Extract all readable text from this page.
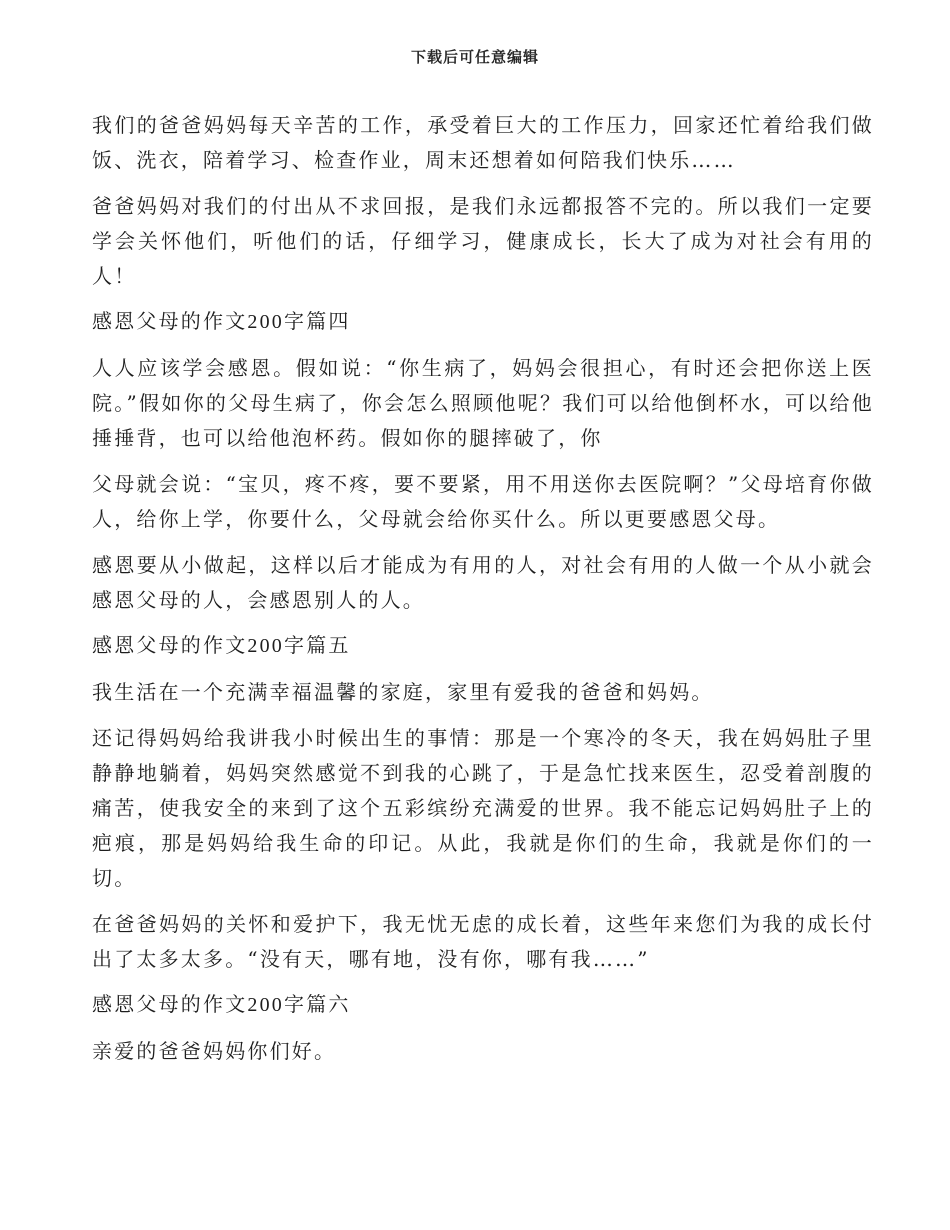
下载后可任意编辑

我们的爸爸妈妈每天辛苦的工作，承受着巨大的工作压力，回家还忙着给我们做饭、洗衣，陪着学习、检查作业，周末还想着如何陪我们快乐……

爸爸妈妈对我们的付出从不求回报，是我们永远都报答不完的。所以我们一定要学会关怀他们，听他们的话，仔细学习，健康成长，长大了成为对社会有用的人！

感恩父母的作文200字篇四

人人应该学会感恩。假如说：“你生病了，妈妈会很担心，有时还会把你送上医院。”假如你的父母生病了，你会怎么照顾他呢？我们可以给他倒杯水，可以给他捶捶背，也可以给他泡杯药。假如你的腿摔破了，你

父母就会说：“宝贝，疼不疼，要不要紧，用不用送你去医院啊？”父母培育你做人，给你上学，你要什么，父母就会给你买什么。所以更要感恩父母。

感恩要从小做起，这样以后才能成为有用的人，对社会有用的人做一个从小就会感恩父母的人，会感恩别人的人。

感恩父母的作文200字篇五

我生活在一个充满幸福温馨的家庭，家里有爱我的爸爸和妈妈。

还记得妈妈给我讲我小时候出生的事情：那是一个寒冷的冬天，我在妈妈肚子里静静地躺着，妈妈突然感觉不到我的心跳了，于是急忙找来医生，忍受着剖腹的痛苦，使我安全的来到了这个五彩缤纷充满爱的世界。我不能忘记妈妈肚子上的疤痕，那是妈妈给我生命的印记。从此，我就是你们的生命，我就是你们的一切。

在爸爸妈妈的关怀和爱护下，我无忧无虑的成长着，这些年来您们为我的成长付出了太多太多。“没有天，哪有地，没有你，哪有我……”

感恩父母的作文200字篇六

亲爱的爸爸妈妈你们好。
